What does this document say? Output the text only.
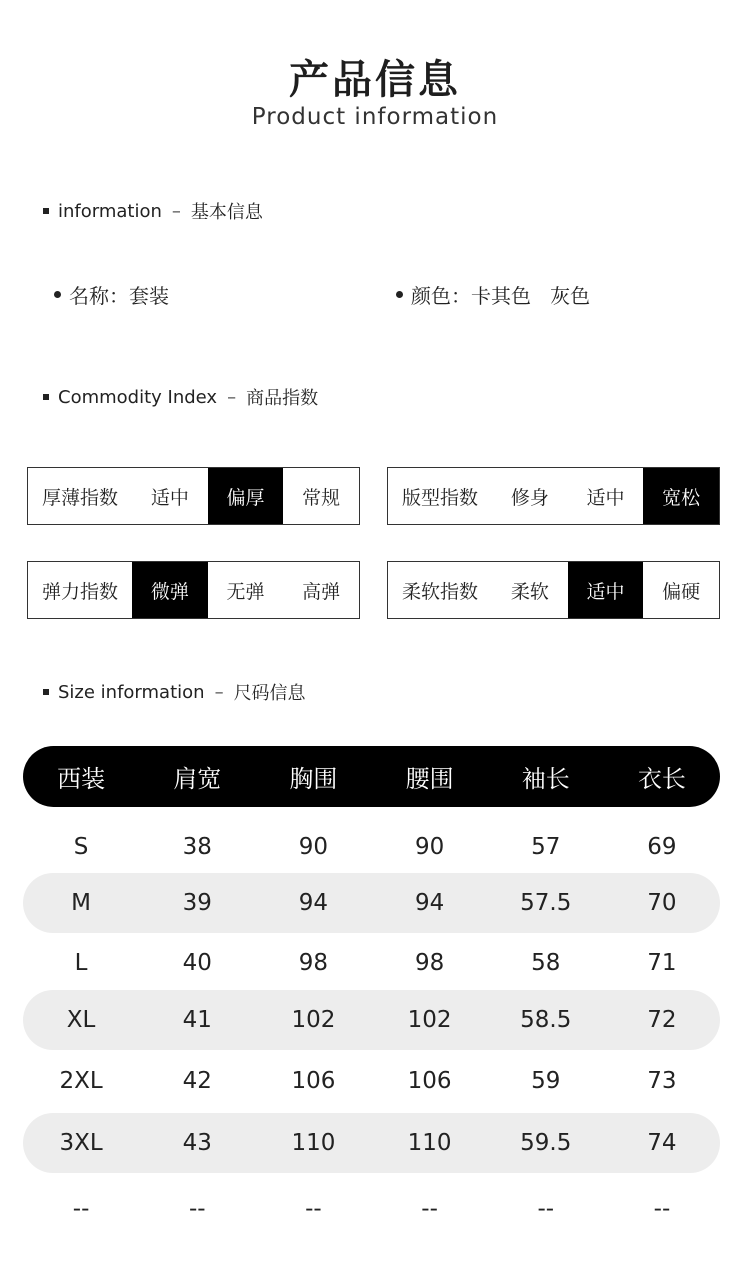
产品信息
Product information
information – 基本信息
名称：套装	颜色：卡其色   灰色
Commodity Index – 商品指数
厚薄指数	适中	偏厚	常规	版型指数	修身	适中	宽松
弹力指数	微弹	无弹	高弹	柔软指数	柔软	适中	偏硬
Size information – 尺码信息
西装	肩宽	胸围	腰围	袖长	衣长
S	38	90	90	57	69
M	39	94	94	57.5	70
L	40	98	98	58	71
XL	41	102	102	58.5	72
2XL	42	106	106	59	73
3XL	43	110	110	59.5	74
--	--	--	--	--	--
